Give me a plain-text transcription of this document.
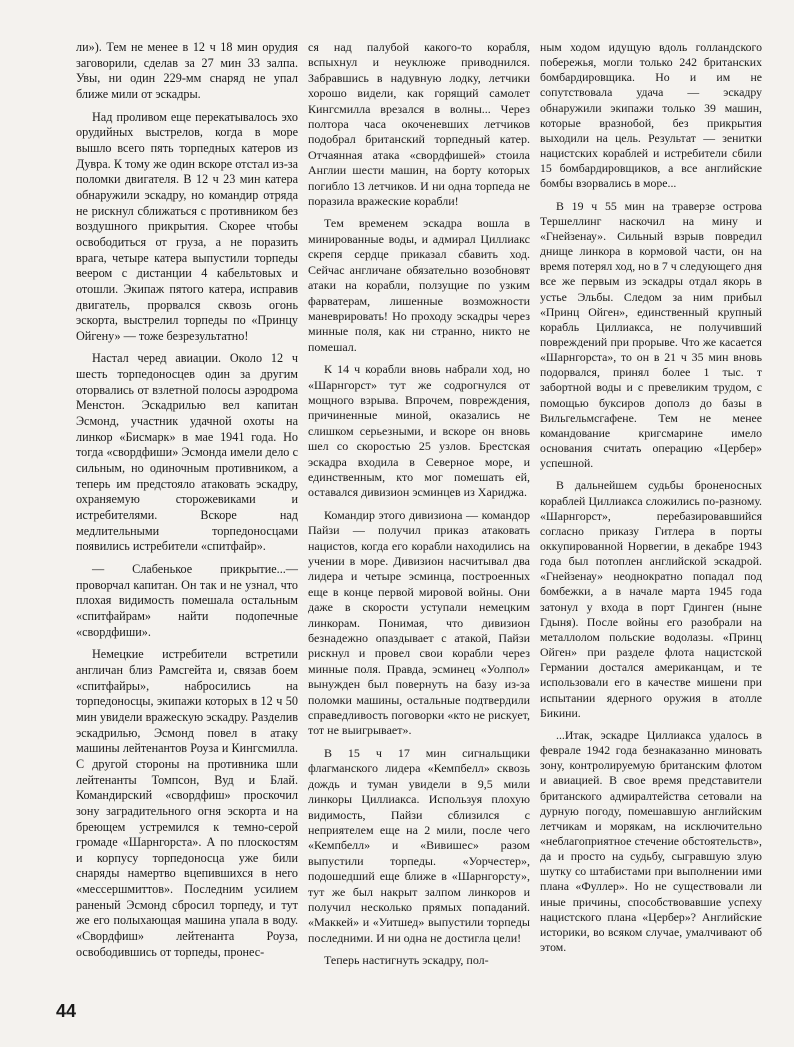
ли»). Тем не менее в 12 ч 18 мин орудия заговорили, сделав за 27 мин 33 залпа. Увы, ни один 229-мм снаряд не упал ближе мили от эскадры.

Над проливом еще перекатывалось эхо орудийных выстрелов, когда в море вышло всего пять торпедных катеров из Дувра. К тому же один вскоре отстал из-за поломки двигателя. В 12 ч 23 мин катера обнаружили эскадру, но командир отряда не рискнул сближаться с противником без воздушного прикрытия. Скорее чтобы освободиться от груза, а не поразить врага, четыре катера выпустили торпеды веером с дистанции 4 кабельтовых и отошли. Экипаж пятого катера, исправив двигатель, прорвался сквозь огонь эскорта, выстрелил торпеды по «Принцу Ойгену» — тоже безрезультатно!

Настал черед авиации. Около 12 ч шесть торпедоносцев один за другим оторвались от взлетной полосы аэродрома Менстон. Эскадрилью вел капитан Эсмонд, участник удачной охоты на линкор «Бисмарк» в мае 1941 года. Но тогда «свордфиши» Эсмонда имели дело с сильным, но одиночным противником, а теперь им предстояло атаковать эскадру, охраняемую сторожевиками и истребителями. Вскоре над медлительными торпедоносцами появились истребители «спитфайр».

— Слабенькое прикрытие...— проворчал капитан. Он так и не узнал, что плохая видимость помешала остальным «спитфайрам» найти подопечные «свордфиши».

Немецкие истребители встретили англичан близ Рамсгейта и, связав боем «спитфайры», набросились на торпедоносцы, экипажи которых в 12 ч 50 мин увидели вражескую эскадру. Разделив эскадрилью, Эсмонд повел в атаку машины лейтенантов Роуза и Кингсмилла. С другой стороны на противника шли лейтенанты Томпсон, Вуд и Блай. Командирский «свордфиш» проскочил зону заградительного огня эскорта и на бреющем устремился к темно-серой громаде «Шарнгорста». А по плоскостям и корпусу торпедоносца уже били снаряды намертво вцепившихся в него «мессершмиттов». Последним усилием раненый Эсмонд сбросил торпеду, и тут же его полыхающая машина упала в воду. «Свордфиш» лейтенанта Роуза, освободившись от торпеды, пронес-

ся над палубой какого-то корабля, вспыхнул и неуклюже приводнился. Забравшись в надувную лодку, летчики хорошо видели, как горящий самолет Кингсмилла врезался в волны... Через полтора часа окоченевших летчиков подобрал британский торпедный катер. Отчаянная атака «свордфишей» стоила Англии шести машин, на борту которых погибло 13 летчиков. И ни одна торпеда не поразила вражеские корабли!

Тем временем эскадра вошла в минированные воды, и адмирал Циллиакс скрепя сердце приказал сбавить ход. Сейчас англичане обязательно возобновят атаки на корабли, ползущие по узким фарватерам, лишенные возможности маневрировать! Но проходу эскадры через минные поля, как ни странно, никто не помешал.

К 14 ч корабли вновь набрали ход, но «Шарнгорст» тут же содрогнулся от мощного взрыва. Впрочем, повреждения, причиненные миной, оказались не слишком серьезными, и вскоре он вновь шел со скоростью 25 узлов. Брестская эскадра входила в Северное море, и единственным, кто мог помешать ей, оставался дивизион эсминцев из Хариджа.

Командир этого дивизиона — командор Пайзи — получил приказ атаковать нацистов, когда его корабли находились на учении в море. Дивизион насчитывал два лидера и четыре эсминца, построенных еще в конце первой мировой войны. Они даже в скорости уступали немецким линкорам. Понимая, что дивизион безнадежно опаздывает с атакой, Пайзи рискнул и провел свои корабли через минные поля. Правда, эсминец «Уолпол» вынужден был повернуть на базу из-за поломки машины, остальные подтвердили справедливость поговорки «кто не рискует, тот не выигрывает».

В 15 ч 17 мин сигнальщики флагманского лидера «Кемпбелл» сквозь дождь и туман увидели в 9,5 мили линкоры Циллиакса. Используя плохую видимость, Пайзи сблизился с неприятелем еще на 2 мили, после чего «Кемпбелл» и «Вивишес» разом выпустили торпеды. «Уорчестер», подошедший еще ближе в «Шарнгорсту», тут же был накрыт залпом линкоров и получил несколько прямых попаданий. «Маккей» и «Уитшед» выпустили торпеды последними. И ни одна не достигла цели!

Теперь настигнуть эскадру, пол-

ным ходом идущую вдоль голландского побережья, могли только 242 британских бомбардировщика. Но и им не сопутствовала удача — эскадру обнаружили экипажи только 39 машин, которые вразнобой, без прикрытия выходили на цель. Результат — зенитки нацистских кораблей и истребители сбили 15 бомбардировщиков, а все английские бомбы взорвались в море...

В 19 ч 55 мин на траверзе острова Тершеллинг наскочил на мину и «Гнейзенау». Сильный взрыв повредил днище линкора в кормовой части, он на время потерял ход, но в 7 ч следующего дня все же первым из эскадры отдал якорь в устье Эльбы. Следом за ним прибыл «Принц Ойген», единственный крупный корабль Циллиакса, не получивший повреждений при прорыве. Что же касается «Шарнгорста», то он в 21 ч 35 мин вновь подорвался, принял более 1 тыс. т забортной воды и с превеликим трудом, с помощью буксиров дополз до базы в Вильгельмсгафене. Тем не менее командование кригсмарине имело основания считать операцию «Цербер» успешной.

В дальнейшем судьбы броненосных кораблей Циллиакса сложились по-разному. «Шарнгорст», перебазировавшийся согласно приказу Гитлера в порты оккупированной Норвегии, в декабре 1943 года был потоплен английской эскадрой. «Гнейзенау» неоднократно попадал под бомбежки, а в начале марта 1945 года затонул у входа в порт Гдинген (ныне Гдыня). После войны его разобрали на металлолом польские водолазы. «Принц Ойген» при разделе флота нацистской Германии достался американцам, и те использовали его в качестве мишени при испытании ядерного оружия в атолле Бикини.

...Итак, эскадре Циллиакса удалось в феврале 1942 года безнаказанно миновать зону, контролируемую британским флотом и авиацией. В свое время представители британского адмиралтейства сетовали на дурную погоду, помешавшую английским летчикам и морякам, на исключительно «неблагоприятное стечение обстоятельств», да и просто на судьбу, сыгравшую злую шутку со штабистами при выполнении ими плана «Фуллер». Но не существовали ли иные причины, способствовавшие успеху нацистского плана «Цербер»? Английские историки, во всяком случае, умалчивают об этом.

44
